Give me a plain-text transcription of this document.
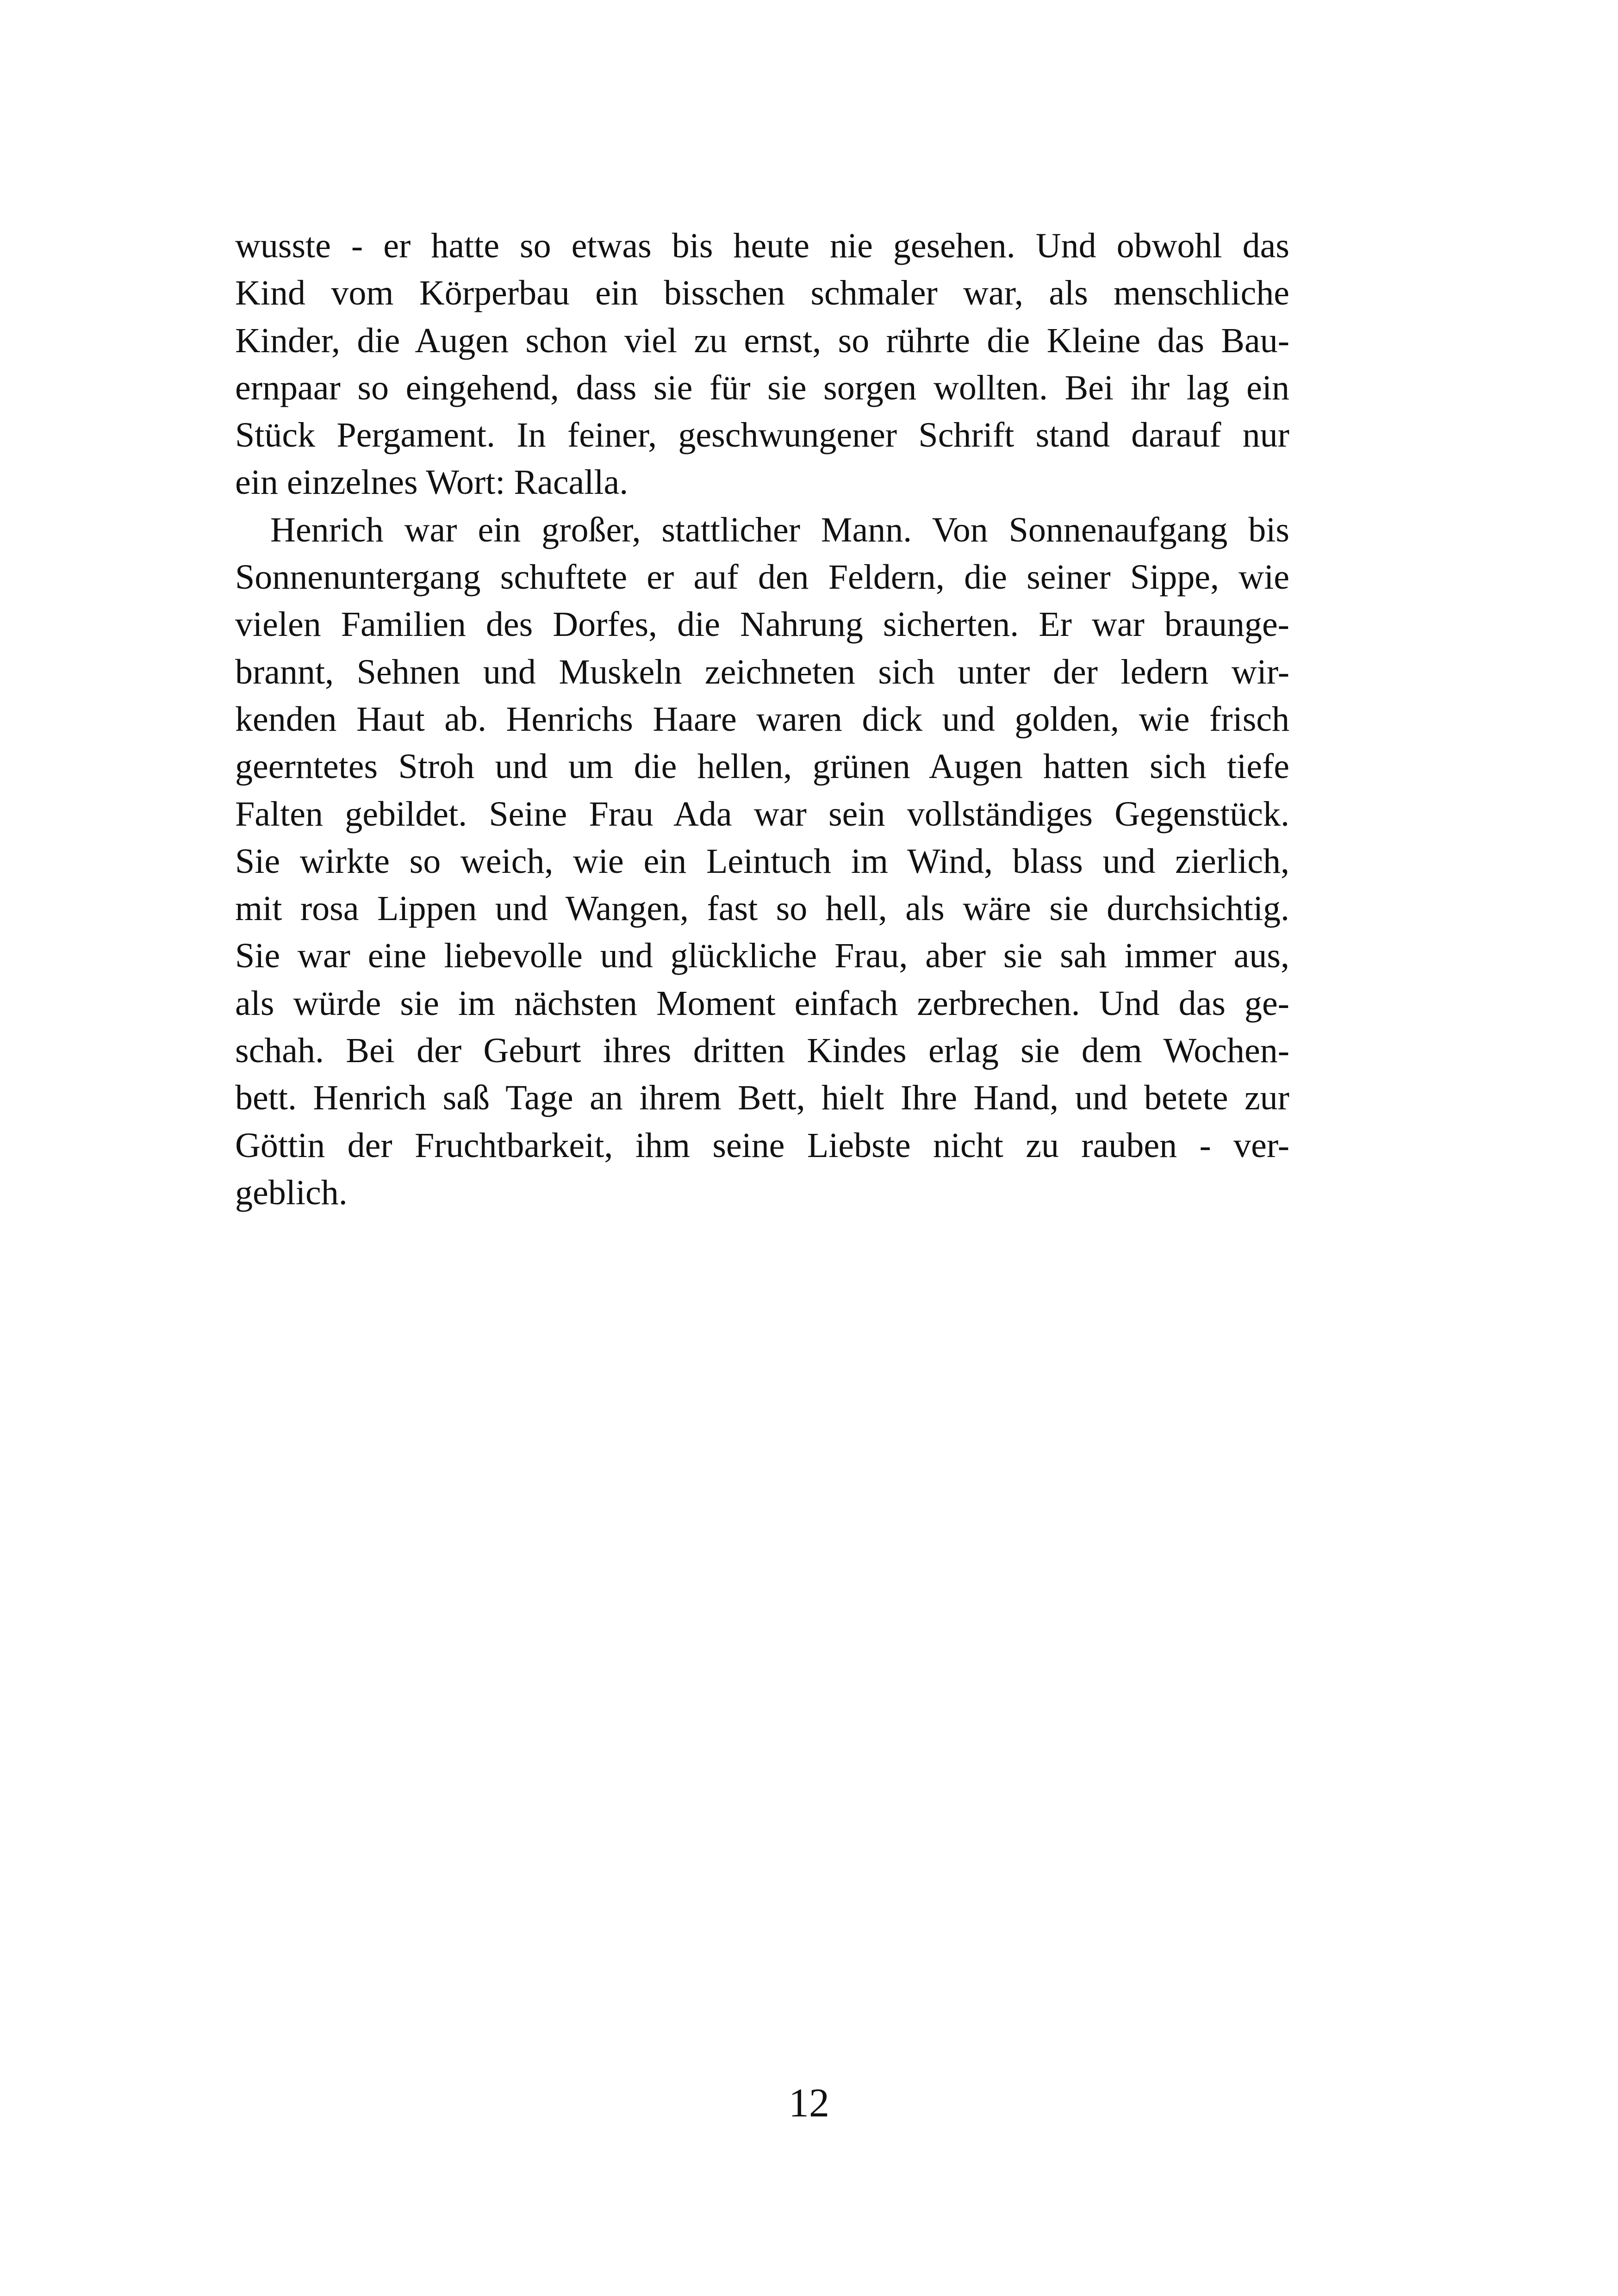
wusste - er hatte so etwas bis heute nie gesehen. Und obwohl das
Kind vom Körperbau ein bisschen schmaler war, als menschliche
Kinder, die Augen schon viel zu ernst, so rührte die Kleine das Bau-
ernpaar so eingehend, dass sie für sie sorgen wollten. Bei ihr lag ein
Stück Pergament. In feiner, geschwungener Schrift stand darauf nur
ein einzelnes Wort: Racalla.
Henrich war ein großer, stattlicher Mann. Von Sonnenaufgang bis
Sonnenuntergang schuftete er auf den Feldern, die seiner Sippe, wie
vielen Familien des Dorfes, die Nahrung sicherten. Er war braunge-
brannt, Sehnen und Muskeln zeichneten sich unter der ledern wir-
kenden Haut ab. Henrichs Haare waren dick und golden, wie frisch
geerntetes Stroh und um die hellen, grünen Augen hatten sich tiefe
Falten gebildet. Seine Frau Ada war sein vollständiges Gegenstück.
Sie wirkte so weich, wie ein Leintuch im Wind, blass und zierlich,
mit rosa Lippen und Wangen, fast so hell, als wäre sie durchsichtig.
Sie war eine liebevolle und glückliche Frau, aber sie sah immer aus,
als würde sie im nächsten Moment einfach zerbrechen. Und das ge-
schah. Bei der Geburt ihres dritten Kindes erlag sie dem Wochen-
bett. Henrich saß Tage an ihrem Bett, hielt Ihre Hand, und betete zur
Göttin der Fruchtbarkeit, ihm seine Liebste nicht zu rauben - ver-
geblich.
12
